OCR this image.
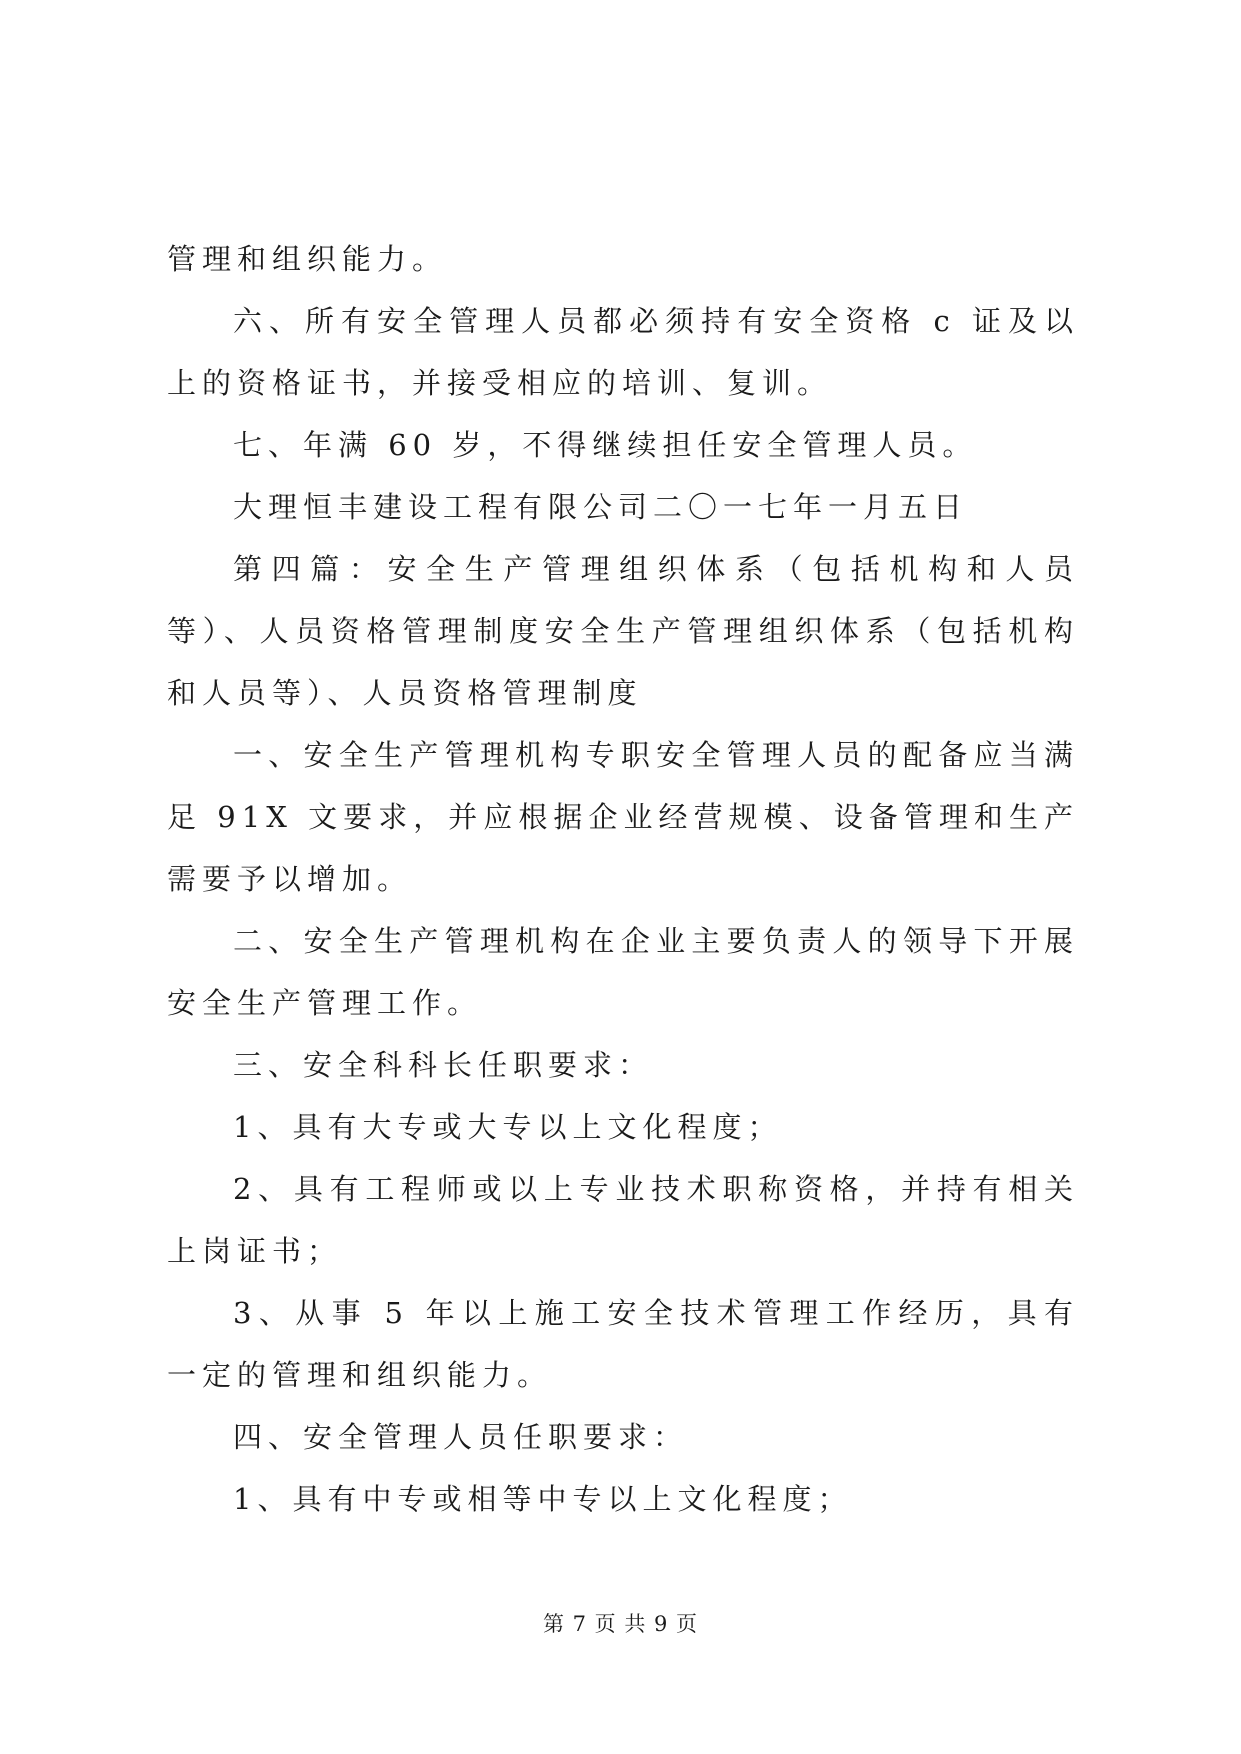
管理和组织能力。

六、所有安全管理人员都必须持有安全资格 c 证及以上的资格证书，并接受相应的培训、复训。

七、年满 60 岁，不得继续担任安全管理人员。

大理恒丰建设工程有限公司二〇一七年一月五日

第四篇：安全生产管理组织体系（包括机构和人员等）、人员资格管理制度安全生产管理组织体系（包括机构和人员等）、人员资格管理制度

一、安全生产管理机构专职安全管理人员的配备应当满足 91X 文要求，并应根据企业经营规模、设备管理和生产需要予以增加。

二、安全生产管理机构在企业主要负责人的领导下开展安全生产管理工作。

三、安全科科长任职要求：

1、具有大专或大专以上文化程度；

2、具有工程师或以上专业技术职称资格，并持有相关上岗证书；

3、从事 5 年以上施工安全技术管理工作经历，具有一定的管理和组织能力。

四、安全管理人员任职要求：

1、具有中专或相等中专以上文化程度；

第 7 页 共 9 页
